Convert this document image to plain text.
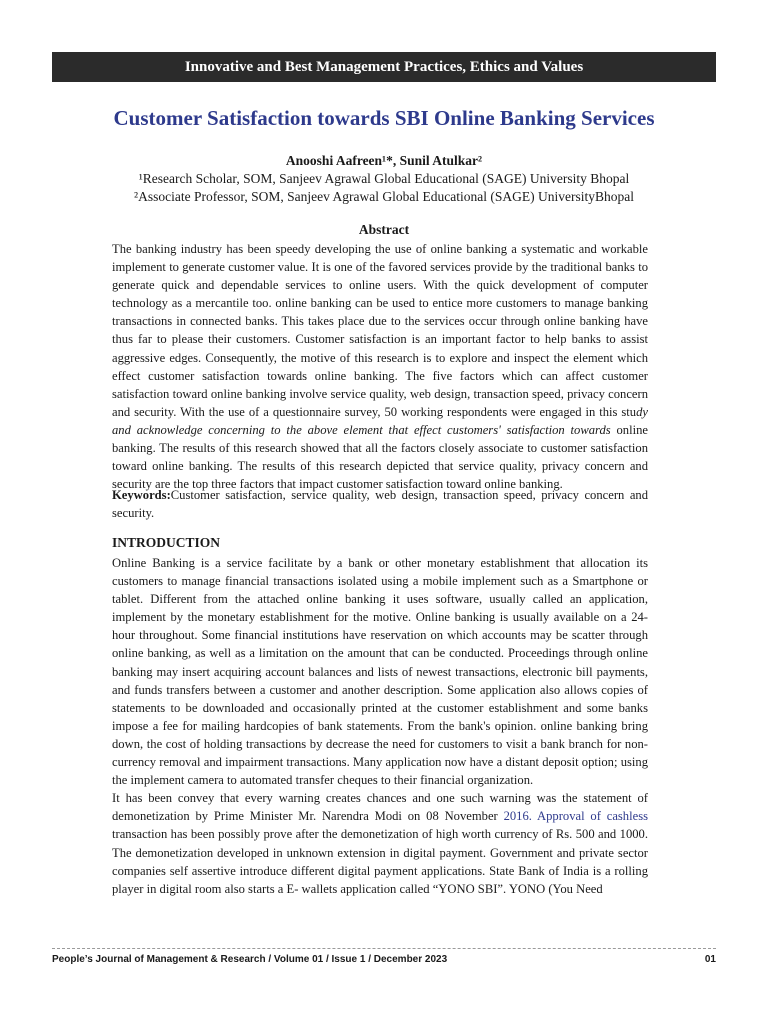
Innovative and Best Management Practices, Ethics and Values
Customer Satisfaction towards SBI Online Banking Services

Anooshi Aafreen¹*, Sunil Atulkar²

¹Research Scholar, SOM, Sanjeev Agrawal Global Educational (SAGE) University Bhopal

²Associate Professor, SOM, Sanjeev Agrawal Global Educational (SAGE) UniversityBhopal

Abstract

The banking industry has been speedy developing the use of online banking a systematic and workable implement to generate customer value. It is one of the favored services provide by the traditional banks to generate quick and dependable services to online users. With the quick development of computer technology as a mercantile too. online banking can be used to entice more customers to manage banking transactions in connected banks. This takes place due to the services occur through online banking have thus far to please their customers. Customer satisfaction is an important factor to help banks to assist aggressive edges. Consequently, the motive of this research is to explore and inspect the element which effect customer satisfaction towards online banking. The five factors which can affect customer satisfaction toward online banking involve service quality, web design, transaction speed, privacy concern and security. With the use of a questionnaire survey, 50 working respondents were engaged in this study and acknowledge concerning to the above element that effect customers' satisfaction towards online banking. The results of this research showed that all the factors closely associate to customer satisfaction toward online banking. The results of this research depicted that service quality, privacy concern and security are the top three factors that impact customer satisfaction toward online banking.

Keywords:Customer satisfaction, service quality, web design, transaction speed, privacy concern and security.

INTRODUCTION

Online Banking is a service facilitate by a bank or other monetary establishment that allocation its customers to manage financial transactions isolated using a mobile implement such as a Smartphone or tablet. Different from the attached online banking it uses software, usually called an application, implement by the monetary establishment for the motive. Online banking is usually available on a 24-hour throughout. Some financial institutions have reservation on which accounts may be scatter through online banking, as well as a limitation on the amount that can be conducted. Proceedings through online banking may insert acquiring account balances and lists of newest transactions, electronic bill payments, and funds transfers between a customer and another description. Some application also allows copies of statements to be downloaded and occasionally printed at the customer establishment and some banks impose a fee for mailing hardcopies of bank statements. From the bank's opinion. online banking bring down, the cost of holding transactions by decrease the need for customers to visit a bank branch for non-currency removal and impairment transactions. Many application now have a distant deposit option; using the implement camera to automated transfer cheques to their financial organization.

It has been convey that every warning creates chances and one such warning was the statement of demonetization by Prime Minister Mr. Narendra Modi on 08 November 2016. Approval of cashless transaction has been possibly prove after the demonetization of high worth currency of Rs. 500 and 1000. The demonetization developed in unknown extension in digital payment. Government and private sector companies self assertive introduce different digital payment applications. State Bank of India is a rolling player in digital room also starts a E- wallets application called “YONO SBI”. YONO (You Need

People’s Journal of Management & Research / Volume 01 / Issue 1 / December 2023	01
